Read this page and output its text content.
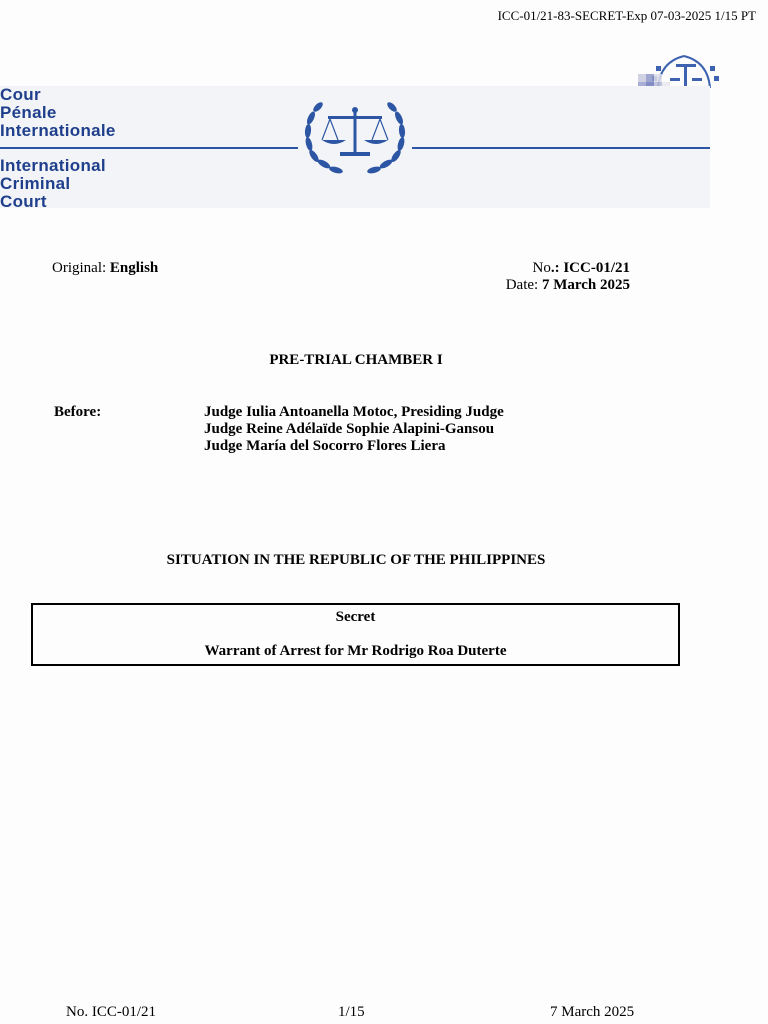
ICC-01/21-83-SECRET-Exp 07-03-2025 1/15 PT
Cour
Pénale
Internationale
International
Criminal
Court
Original: English	No.: ICC-01/21
Date: 7 March 2025
PRE-TRIAL CHAMBER I
Before:	Judge Iulia Antoanella Motoc, Presiding Judge
Judge Reine Adélaïde Sophie Alapini-Gansou
Judge María del Socorro Flores Liera
SITUATION IN THE REPUBLIC OF THE PHILIPPINES
Secret
Warrant of Arrest for Mr Rodrigo Roa Duterte
No. ICC-01/21	1/15	7 March 2025
